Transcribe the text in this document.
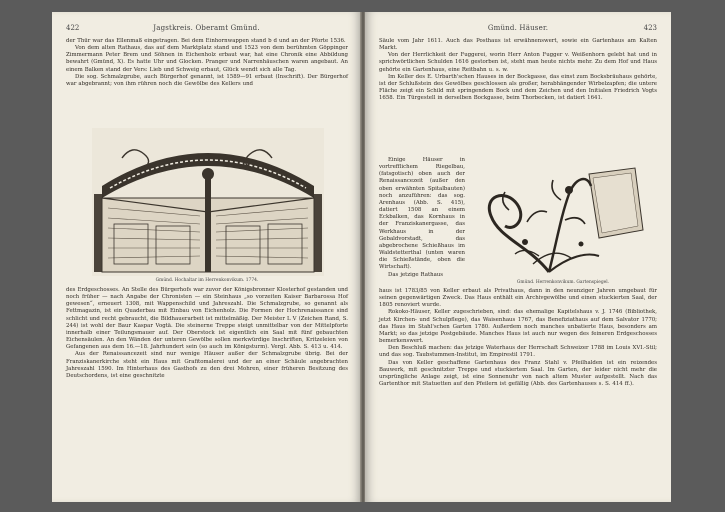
422	Jagstkreis. Oberamt Gmünd.

der Thür war das Ellenmaß eingetragen. Bei dem Einhornwappen stand b d und an der Pforte 1536.

Von dem alten Rathaus, das auf dem Marktplatz stand und 1523 von dem berühmten Göppinger Zimmermann Peter Brem und Söhnen in Eichenholz erbaut war, hat eine Chronik eine Abbildung bewahrt (Gmünd, X). Es hatte Uhr und Glocken. Pranger und Narrenhäuschen waren angebaut. An einem Balken stand der Vers: Lieb und Schweig erbaut, Glück wendt sich alle Tag.

Die sog. Schmalzgrube, auch Bürgerhof genannt, ist 1589—91 erbaut (Inschrift). Der Bürgerhof war abgebrannt; von ihm rühren noch die Gewölbe des Kellers und

Gmünd. Hochaltar im Herrenkonvikum. 1774.

des Erdgeschosses. An Stelle des Bürgerhofs war zuvor der Königsbronner Klosterhof gestanden und noch früher — nach Angabe der Chronisten — ein Steinhaus „so vorzeiten Kaiser Barbarossa Hof gewesen“, erneuert 1308, mit Wappenschild und Jahreszahl. Die Schmalzgrube, so genannt als Fettmagazin, ist ein Quaderbau mit Einbau von Eichenholz. Die Formen der Hochrenaissance sind schlicht und recht gebraucht, die Bildhauerarbeit ist mittelmäßig. Der Meister L V (Zeichen Rand, S. 244) ist wohl der Baur Kaspar Vogtä. Die steinerne Treppe steigt unmittelbar von der Mittelpforte innerhalb einer Teilungsmauer auf. Der Oberstock ist eigentlich ein Saal mit fünf gebauchten Eichensäulen. An den Wänden der unteren Gewölbe sollen merkwürdige Inschriften, Kritzeleien von Gefangenen aus dem 16.—18. Jahrhundert sein (so auch im Königsturm). Vergl. Abb. S. 413 u. 414.

Aus der Renaissancezeit sind nur wenige Häuser außer der Schmalzgrube übrig. Bei der Franziskanerkirche steht ein Haus mit Grafitomalerei und der an einer Schäule angebrachten Jahreszahl 1590. Im Hinterhaus des Gasthofs zu den drei Mohren, einer früheren Besitzung des Deutschordens, ist eine geschnitzte

Gmünd. Häuser.	423

Säule vom Jahr 1611. Auch das Posthaus ist erwähnenswert, sowie ein Gartenhaus am Kalten Markt.

Von der Herrlichkeit der Fuggerei, worin Herr Anton Fugger v. Weißenhorn gelebt hat und in sprichwörtlichen Schulden 1616 gestorben ist, steht man heute nichts mehr. Zu dem Hof und Haus gehörte ein Gartenhaus, eine Reitbahn u. s. w.

Im Keller des E. Urbarth'schen Hauses in der Bockgasse, das einst zum Bocksbräuhaus gehörte, ist der Schlußstein des Gewölbes geschlossen als großer, herabhängender Wirbelzapfen; die untere Fläche zeigt ein Schild mit springendem Bock und dem Zeichen und den Initialen Friedrich Vogts 1658. Ein Türgestell in derselben Bockgasse, beim Thorbecken, ist datiert 1641.

Einige Häuser in vortrefflichem Riegelbau, (fatsgotisch) oben auch der Renaissancezeit (außer den oben erwähnten Spitalbauten) noch anzuführen: das sog. Arenhaus (Abb. S. 415), datiert 1508 an einem Eckbalken, das Kornhaus in der Franziskanergasse, das Werkhaus in der Gebaldvorstadt, das abgebrochene Schießhaus im Waldstetterthal (unten waren die Schießstände, oben die Wirtschaft).

Das jetzige Rathaus

Gmünd. Herrenkonvikum. Gartenspiegel.

haus ist 1783/85 von Keller erbaut als Privathaus, dann in den neunziger Jahren umgebaut für seinen gegenwärtigen Zweck. Das Haus enthält ein Archivgewölbe und einen stuckierten Saal, der 1805 renoviert wurde.

Rokoko-Häuser, Keller zugeschrieben, sind: das ehemalige Kapitelshaus v. J. 1746 (Bibliothek, jetzt Kirchen- und Schulpflege), das Waisenhaus 1767, das Benefiziathaus auf dem Salvator 1770; das Haus im Stahl'schen Garten 1780. Außerdem noch manches unbatierte Haus, besonders am Markt; so das jetzige Postgebäude. Manches Haus ist auch nur wegen des feineren Erdgeschosses bemerkenswert.

Den Beschluß machen: das jetzige Waterhaus der Herrschaft Schweizer 1788 im Louis XVI.-Stil; und das sog. Taubstummen-Institut, im Empirestil 1791.

Das von Keller geschaffene Gartenhaus des Franz Stahl v. Pfeilhalden ist ein reizendes Bauwerk, mit geschnitzter Treppe und stuckiertem Saal. Im Garten, der leider nicht mehr die ursprüngliche Anlage zeigt, ist eine Sonnenuhr von nach altem Muster aufgestellt. Nach das Gartenthor mit Statuetten auf den Pfeilern ist gefällig (Abb. des Gartenhauses s. S. 414 ff.).
